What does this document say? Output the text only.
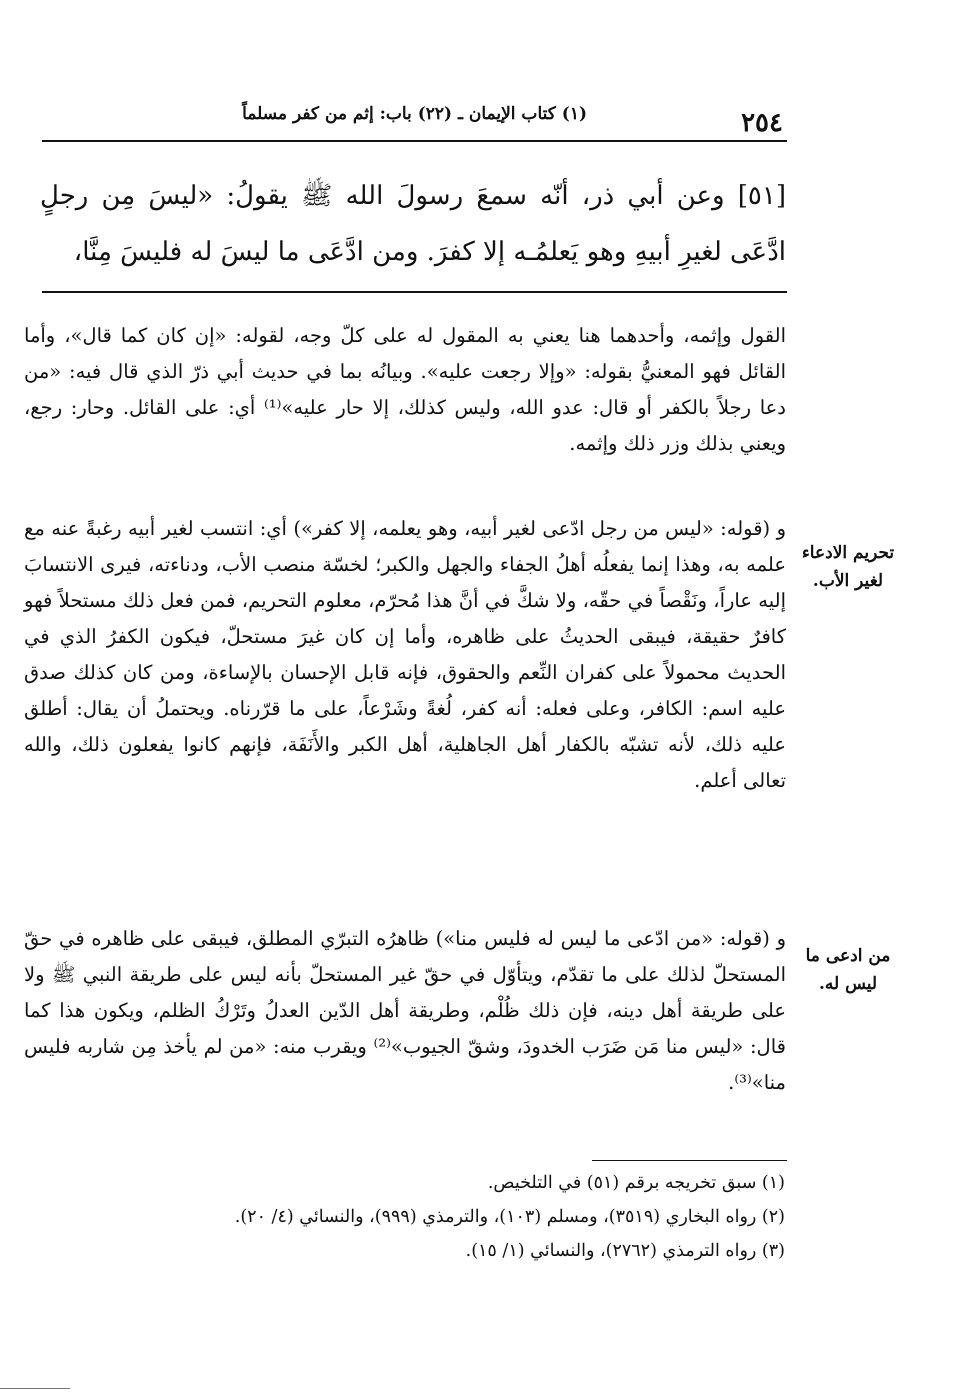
٢٥٤
(١) كتاب الإيمان ـ (٢٢) باب: إثم من كفر مسلماً
[٥١] وعن أبي ذر، أنّه سمعَ رسولَ الله ﷺ يقولُ: «ليسَ مِن رجلٍ ادَّعَى لغيرِ أبيهِ وهو يَعلمُـه إلا كفرَ. ومن ادَّعَى ما ليسَ له فليسَ مِنَّا،
القول وإثمه، وأحدهما هنا يعني به المقول له على كلّ وجه، لقوله: «إن كان كما قال»، وأما القائل فهو المعنيُّ بقوله: «وإلا رجعت عليه». وبيانُه بما في حديث أبي ذرّ الذي قال فيه: «من دعا رجلاً بالكفر أو قال: عدو الله، وليس كذلك، إلا حار عليه»⁽¹⁾ أي: على القائل. وحار: رجع، ويعني بذلك وزر ذلك وإثمه.
تحريم الادعاء لغير الأب.
و (قوله: «ليس من رجل ادّعى لغير أبيه، وهو يعلمه، إلا كفر») أي: انتسب لغير أبيه رغبةً عنه مع علمه به، وهذا إنما يفعلُه أهلُ الجفاء والجهل والكبر؛ لخسّة منصب الأب، ودناءته، فيرى الانتسابَ إليه عاراً، ونَقْصاً في حقّه، ولا شكَّ في أنَّ هذا مُحرّم، معلوم التحريم، فمن فعل ذلك مستحلاً فهو كافرٌ حقيقة، فيبقى الحديثُ على ظاهره، وأما إن كان غيرَ مستحلّ، فيكون الكفرُ الذي في الحديث محمولاً على كفران النِّعم والحقوق، فإنه قابل الإحسان بالإساءة، ومن كان كذلك صدق عليه اسم: الكافر، وعلى فعله: أنه كفر، لُغةً وشَرْعاً، على ما قرّرناه. ويحتملُ أن يقال: أطلق عليه ذلك، لأنه تشبّه بالكفار أهل الجاهلية، أهل الكبر والأَنَفَة، فإنهم كانوا يفعلون ذلك، والله تعالى أعلم.
من ادعى ما ليس له.
و (قوله: «من ادّعى ما ليس له فليس منا») ظاهرُه التبرّي المطلق، فيبقى على ظاهره في حقّ المستحلّ لذلك على ما تقدّم، ويتأوّل في حقّ غير المستحلّ بأنه ليس على طريقة النبي ﷺ ولا على طريقة أهل دينه، فإن ذلك ظُلْم، وطريقة أهل الدّين العدلُ وتَرْكُ الظلم، ويكون هذا كما قال: «ليس منا مَن ضَرَب الخدودَ، وشقّ الجيوب»⁽²⁾ ويقرب منه: «من لم يأخذ مِن شاربه فليس منا»⁽³⁾.
(١) سبق تخريجه برقم (٥١) في التلخيص.
(٢) رواه البخاري (٣٥١٩)، ومسلم (١٠٣)، والترمذي (٩٩٩)، والنسائي (٤/ ٢٠).
(٣) رواه الترمذي (٢٧٦٢)، والنسائي (١/ ١٥).
